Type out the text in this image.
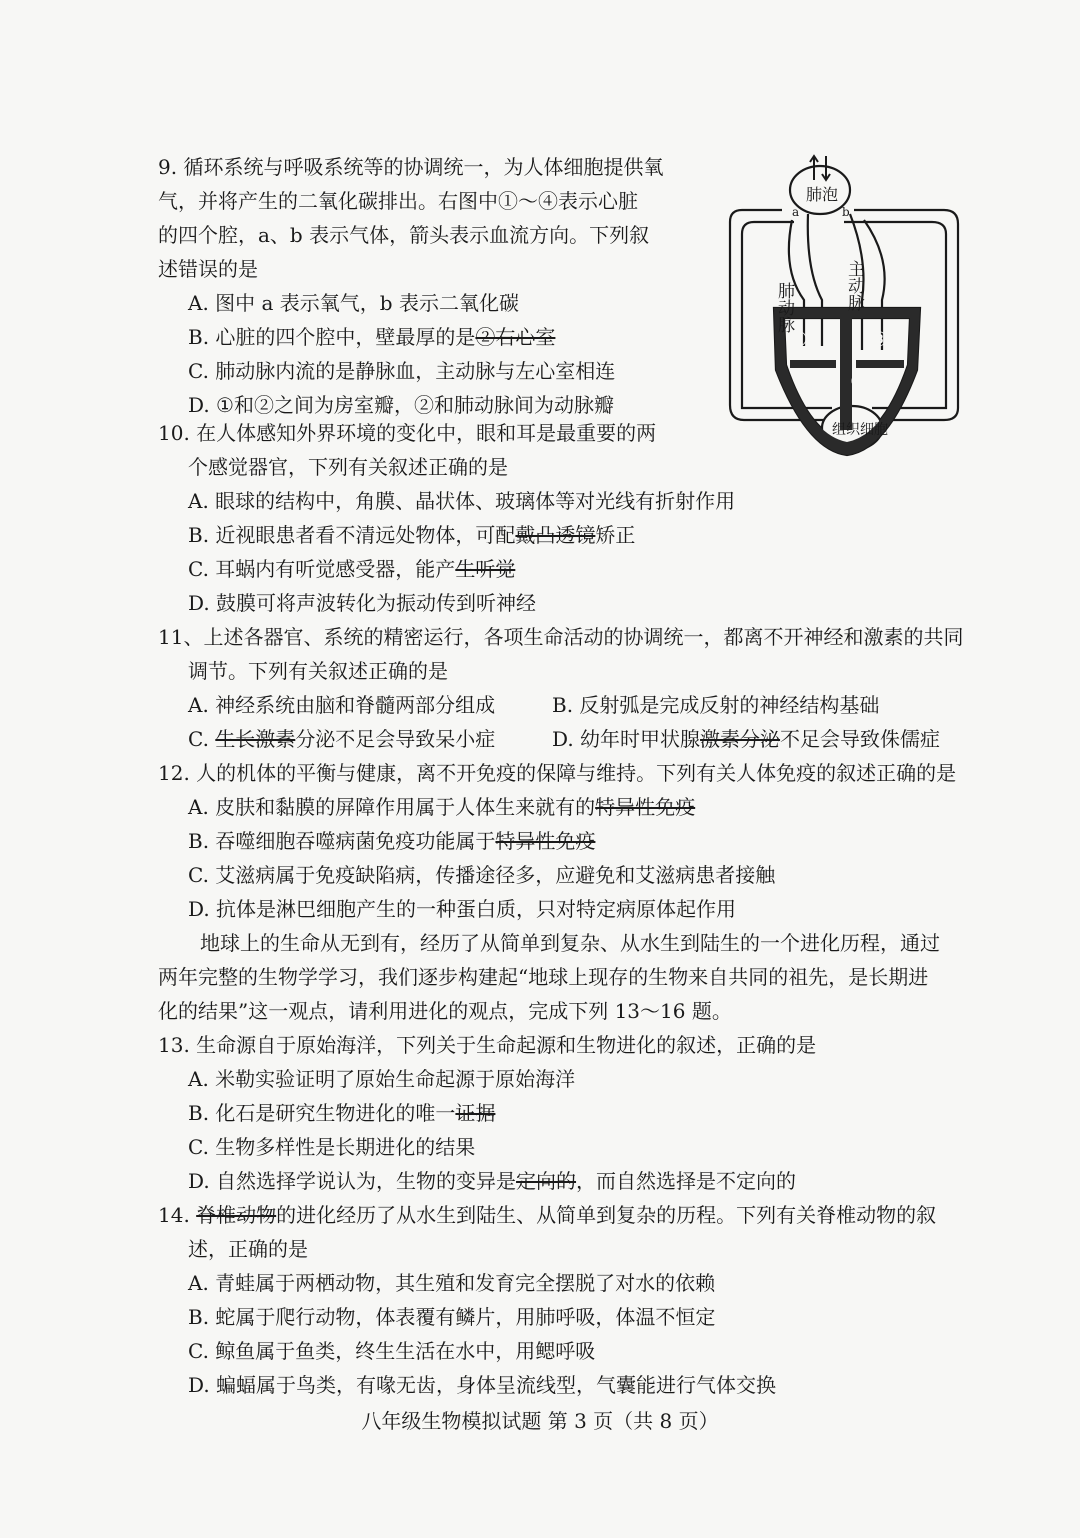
9. 循环系统与呼吸系统等的协调统一，为人体细胞提供氧
气，并将产生的二氧化碳排出。右图中①～④表示心脏
的四个腔，a、b 表示气体，箭头表示血流方向。下列叙
述错误的是
A. 图中 a 表示氧气，b 表示二氧化碳
B. 心脏的四个腔中，壁最厚的是②右心室
C. 肺动脉内流的是静脉血，主动脉与左心室相连
D. ①和②之间为房室瓣，②和肺动脉间为动脉瓣
肺泡
a	b
肺动脉	主动脉
①	③
② ④
组织细胞
10. 在人体感知外界环境的变化中，眼和耳是最重要的两
个感觉器官，下列有关叙述正确的是
A. 眼球的结构中，角膜、晶状体、玻璃体等对光线有折射作用
B. 近视眼患者看不清远处物体，可配戴凸透镜矫正
C. 耳蜗内有听觉感受器，能产生听觉
D. 鼓膜可将声波转化为振动传到听神经
11、上述各器官、系统的精密运行，各项生命活动的协调统一，都离不开神经和激素的共同
调节。下列有关叙述正确的是
A. 神经系统由脑和脊髓两部分组成	B. 反射弧是完成反射的神经结构基础
C. 生长激素分泌不足会导致呆小症	D. 幼年时甲状腺激素分泌不足会导致侏儒症
12. 人的机体的平衡与健康，离不开免疫的保障与维持。下列有关人体免疫的叙述正确的是
A. 皮肤和黏膜的屏障作用属于人体生来就有的特异性免疫
B. 吞噬细胞吞噬病菌免疫功能属于特异性免疫
C. 艾滋病属于免疫缺陷病，传播途径多，应避免和艾滋病患者接触
D. 抗体是淋巴细胞产生的一种蛋白质，只对特定病原体起作用
地球上的生命从无到有，经历了从简单到复杂、从水生到陆生的一个进化历程，通过
两年完整的生物学学习，我们逐步构建起“地球上现存的生物来自共同的祖先，是长期进
化的结果”这一观点，请利用进化的观点，完成下列 13～16 题。
13. 生命源自于原始海洋，下列关于生命起源和生物进化的叙述，正确的是
A. 米勒实验证明了原始生命起源于原始海洋
B. 化石是研究生物进化的唯一证据
C. 生物多样性是长期进化的结果
D. 自然选择学说认为，生物的变异是定向的，而自然选择是不定向的
14. 脊椎动物的进化经历了从水生到陆生、从简单到复杂的历程。下列有关脊椎动物的叙
述，正确的是
A. 青蛙属于两栖动物，其生殖和发育完全摆脱了对水的依赖
B. 蛇属于爬行动物，体表覆有鳞片，用肺呼吸，体温不恒定
C. 鲸鱼属于鱼类，终生生活在水中，用鳃呼吸
D. 蝙蝠属于鸟类，有喙无齿，身体呈流线型，气囊能进行气体交换
八年级生物模拟试题 第 3 页（共 8 页）
